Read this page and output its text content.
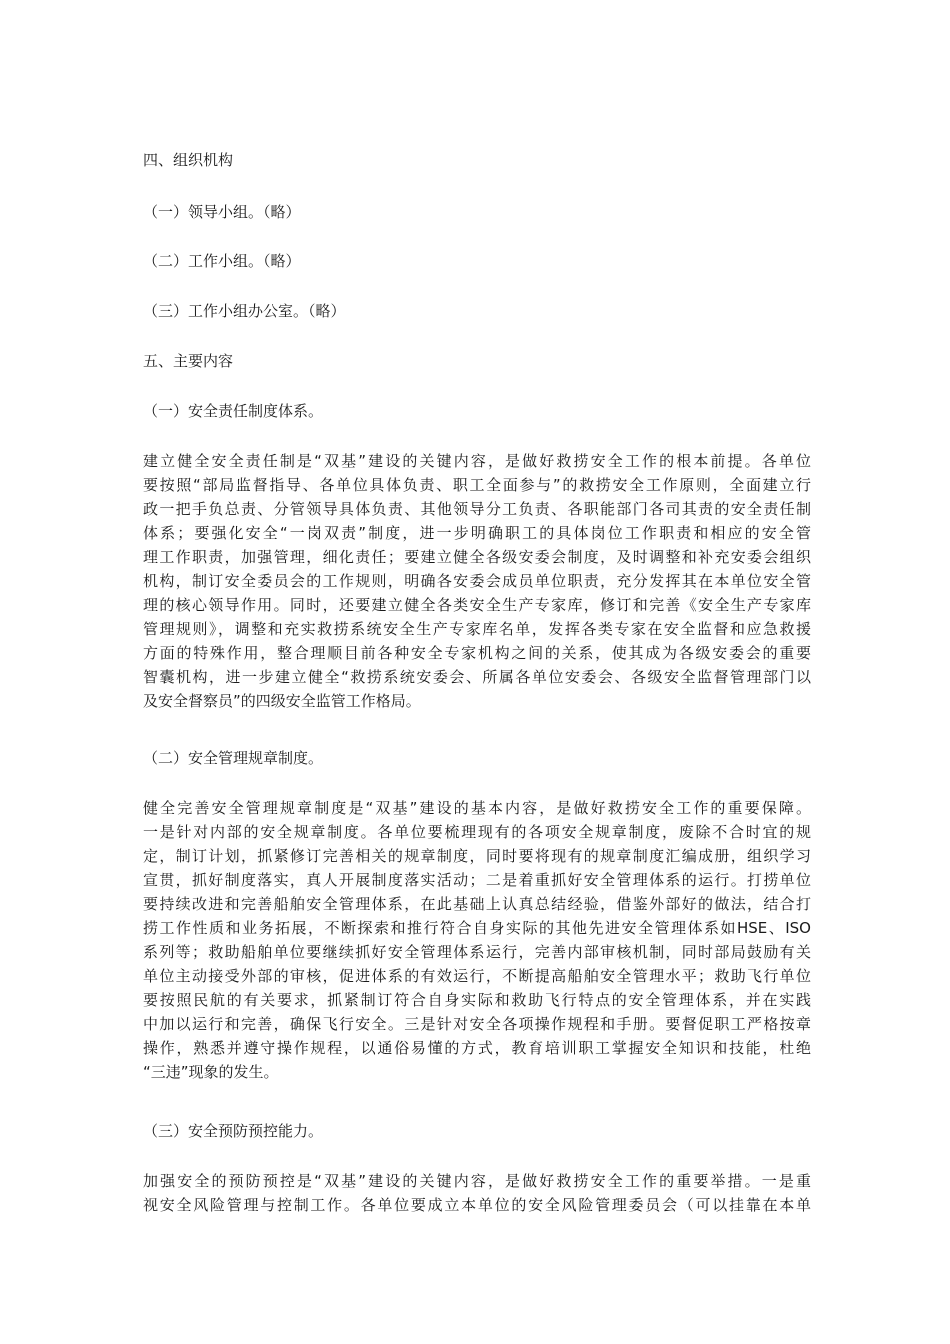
四、组织机构
（一）领导小组。（略）
（二）工作小组。（略）
（三）工作小组办公室。（略）
五、主要内容
（一）安全责任制度体系。
建立健全安全责任制是“双基”建设的关键内容，是做好救捞安全工作的根本前提。各单位
要按照“部局监督指导、各单位具体负责、职工全面参与”的救捞安全工作原则，全面建立行
政一把手负总责、分管领导具体负责、其他领导分工负责、各职能部门各司其责的安全责任制
体系；要强化安全“一岗双责”制度，进一步明确职工的具体岗位工作职责和相应的安全管
理工作职责，加强管理，细化责任；要建立健全各级安委会制度，及时调整和补充安委会组织
机构，制订安全委员会的工作规则，明确各安委会成员单位职责，充分发挥其在本单位安全管
理的核心领导作用。同时，还要建立健全各类安全生产专家库，修订和完善《安全生产专家库
管理规则》，调整和充实救捞系统安全生产专家库名单，发挥各类专家在安全监督和应急救援
方面的特殊作用，整合理顺目前各种安全专家机构之间的关系，使其成为各级安委会的重要
智囊机构，进一步建立健全“救捞系统安委会、所属各单位安委会、各级安全监督管理部门以
及安全督察员”的四级安全监管工作格局。
（二）安全管理规章制度。
健全完善安全管理规章制度是“双基”建设的基本内容，是做好救捞安全工作的重要保障。
一是针对内部的安全规章制度。各单位要梳理现有的各项安全规章制度，废除不合时宜的规
定，制订计划，抓紧修订完善相关的规章制度，同时要将现有的规章制度汇编成册，组织学习
宣贯，抓好制度落实，真人开展制度落实活动；二是着重抓好安全管理体系的运行。打捞单位
要持续改进和完善船舶安全管理体系，在此基础上认真总结经验，借鉴外部好的做法，结合打
捞工作性质和业务拓展，不断探索和推行符合自身实际的其他先进安全管理体系如HSE、ISO
系列等；救助船舶单位要继续抓好安全管理体系运行，完善内部审核机制，同时部局鼓励有关
单位主动接受外部的审核，促进体系的有效运行，不断提高船舶安全管理水平；救助飞行单位
要按照民航的有关要求，抓紧制订符合自身实际和救助飞行特点的安全管理体系，并在实践
中加以运行和完善，确保飞行安全。三是针对安全各项操作规程和手册。要督促职工严格按章
操作，熟悉并遵守操作规程，以通俗易懂的方式，教育培训职工掌握安全知识和技能，杜绝
“三违”现象的发生。
（三）安全预防预控能力。
加强安全的预防预控是“双基”建设的关键内容，是做好救捞安全工作的重要举措。一是重
视安全风险管理与控制工作。各单位要成立本单位的安全风险管理委员会（可以挂靠在本单
